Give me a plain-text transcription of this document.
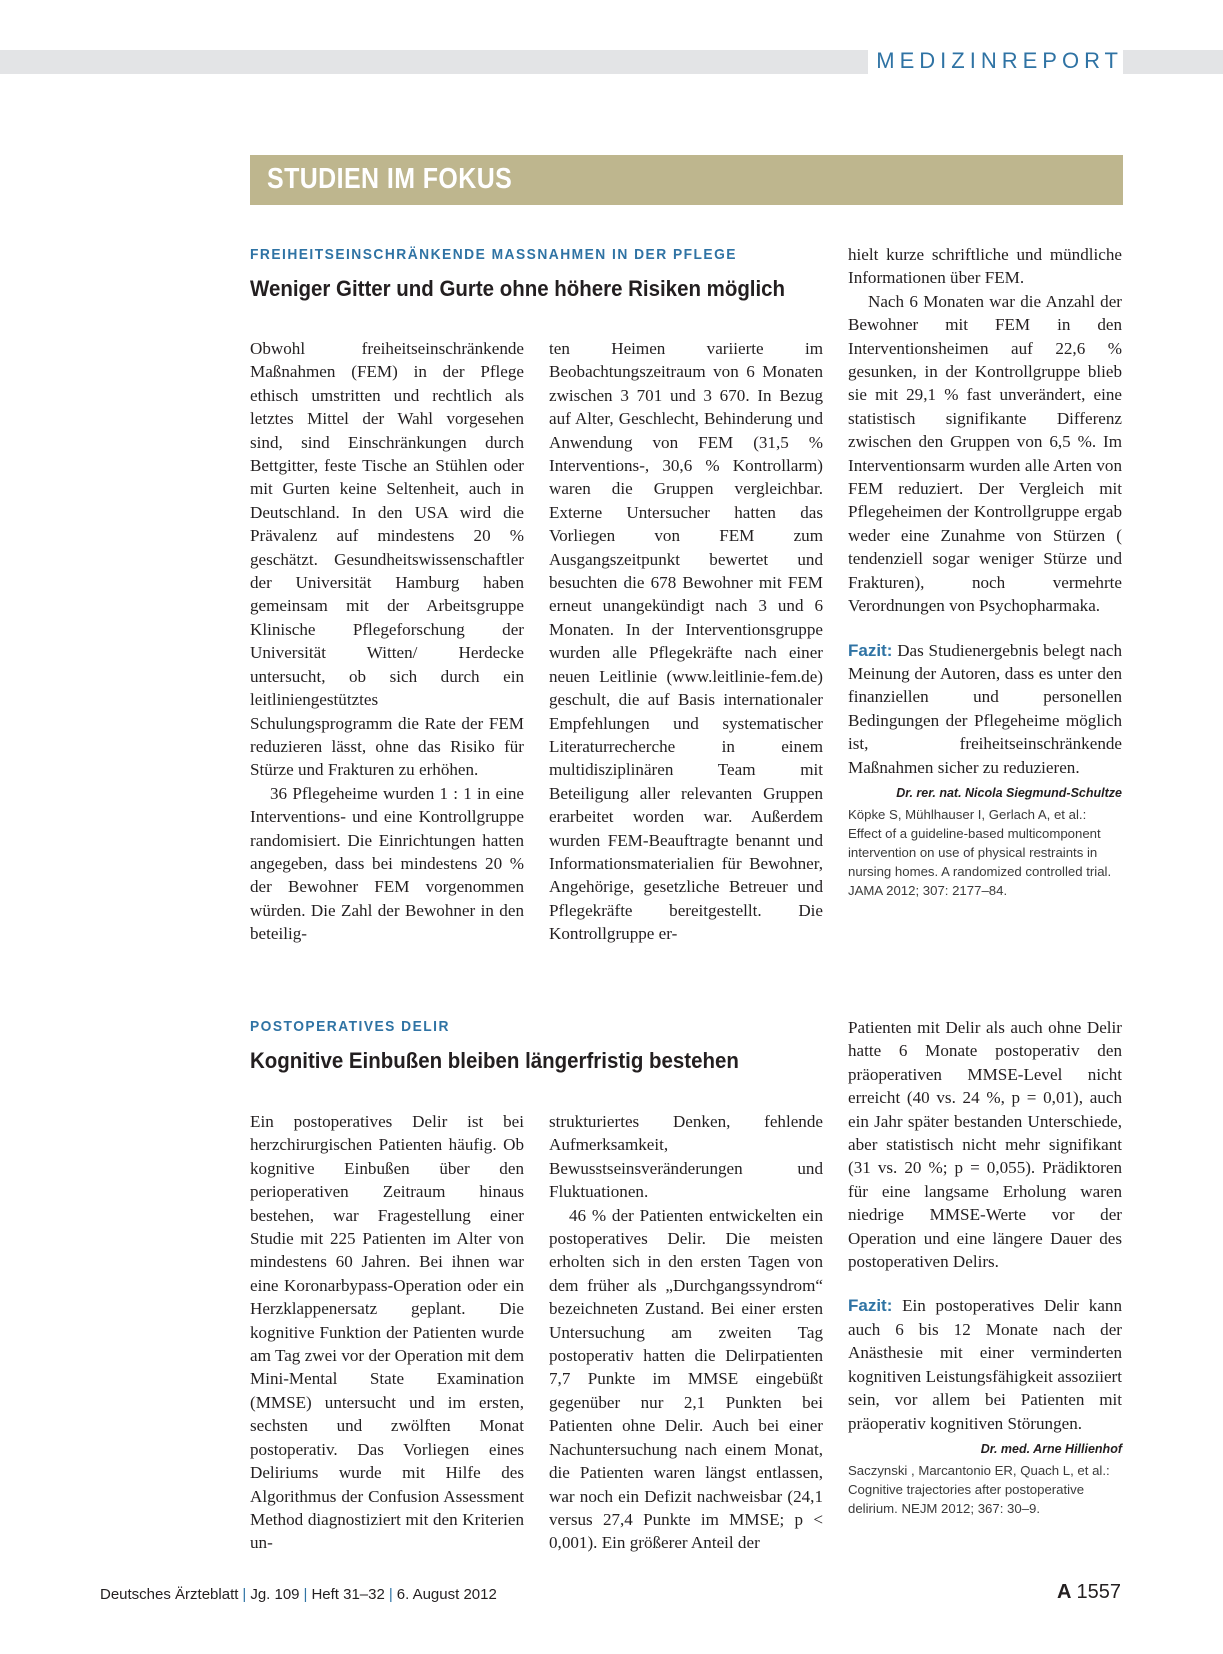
MEDIZINREPORT
STUDIEN IM FOKUS
FREIHEITSEINSCHRÄNKENDE MASSNAHMEN IN DER PFLEGE
Weniger Gitter und Gurte ohne höhere Risiken möglich

Obwohl freiheitseinschränkende Maßnahmen (FEM) in der Pflege ethisch umstritten und rechtlich als letztes Mittel der Wahl vorgesehen sind, sind Einschränkungen durch Bettgitter, feste Tische an Stühlen oder mit Gurten keine Seltenheit, auch in Deutschland. In den USA wird die Prävalenz auf mindestens 20 % geschätzt. Gesundheitswissenschaftler der Universität Hamburg haben gemeinsam mit der Arbeitsgruppe Klinische Pflegeforschung der Universität Witten/ Herdecke untersucht, ob sich durch ein leitliniengestütztes Schulungsprogramm die Rate der FEM reduzieren lässt, ohne das Risiko für Stürze und Frakturen zu erhöhen.

36 Pflegeheime wurden 1 : 1 in eine Interventions- und eine Kontrollgruppe randomisiert. Die Einrichtungen hatten angegeben, dass bei mindestens 20 % der Bewohner FEM vorgenommen würden. Die Zahl der Bewohner in den beteilig-

ten Heimen variierte im Beobachtungszeitraum von 6 Monaten zwischen 3 701 und 3 670. In Bezug auf Alter, Geschlecht, Behinderung und Anwendung von FEM (31,5 % Interventions-, 30,6 % Kontrollarm) waren die Gruppen vergleichbar. Externe Untersucher hatten das Vorliegen von FEM zum Ausgangszeitpunkt bewertet und besuchten die 678 Bewohner mit FEM erneut unangekündigt nach 3 und 6 Monaten. In der Interventionsgruppe wurden alle Pflegekräfte nach einer neuen Leitlinie (www.leitlinie-fem.de) geschult, die auf Basis internationaler Empfehlungen und systematischer Literaturrecherche in einem multidisziplinären Team mit Beteiligung aller relevanten Gruppen erarbeitet worden war. Außerdem wurden FEM-Beauftragte benannt und Informationsmaterialien für Bewohner, Angehörige, gesetzliche Betreuer und Pflegekräfte bereitgestellt. Die Kontrollgruppe er-

hielt kurze schriftliche und mündliche Informationen über FEM.

Nach 6 Monaten war die Anzahl der Bewohner mit FEM in den Interventionsheimen auf 22,6 % gesunken, in der Kontrollgruppe blieb sie mit 29,1 % fast unverändert, eine statistisch signifikante Differenz zwischen den Gruppen von 6,5 %. Im Interventionsarm wurden alle Arten von FEM reduziert. Der Vergleich mit Pflegeheimen der Kontrollgruppe ergab weder eine Zunahme von Stürzen ( tendenziell sogar weniger Stürze und Frakturen), noch vermehrte Verordnungen von Psychopharmaka.

Fazit: Das Studienergebnis belegt nach Meinung der Autoren, dass es unter den finanziellen und personellen Bedingungen der Pflegeheime möglich ist, freiheitseinschränkende Maßnahmen sicher zu reduzieren.
Dr. rer. nat. Nicola Siegmund-Schultze

Köpke S, Mühlhauser I, Gerlach A, et al.: Effect of a guideline-based multicomponent intervention on use of physical restraints in nursing homes. A randomized controlled trial. JAMA 2012; 307: 2177–84.

POSTOPERATIVES DELIR
Kognitive Einbußen bleiben längerfristig bestehen

Ein postoperatives Delir ist bei herzchirurgischen Patienten häufig. Ob kognitive Einbußen über den perioperativen Zeitraum hinaus bestehen, war Fragestellung einer Studie mit 225 Patienten im Alter von mindestens 60 Jahren. Bei ihnen war eine Koronarbypass-Operation oder ein Herzklappenersatz geplant. Die kognitive Funktion der Patienten wurde am Tag zwei vor der Operation mit dem Mini-Mental State Examination (MMSE) untersucht und im ersten, sechsten und zwölften Monat postoperativ. Das Vorliegen eines Deliriums wurde mit Hilfe des Algorithmus der Confusion Assessment Method diagnostiziert mit den Kriterien un-

strukturiertes Denken, fehlende Aufmerksamkeit, Bewusstseinsveränderungen und Fluktuationen.

46 % der Patienten entwickelten ein postoperatives Delir. Die meisten erholten sich in den ersten Tagen von dem früher als „Durchgangssyndrom“ bezeichneten Zustand. Bei einer ersten Untersuchung am zweiten Tag postoperativ hatten die Delirpatienten 7,7 Punkte im MMSE eingebüßt gegenüber nur 2,1 Punkten bei Patienten ohne Delir. Auch bei einer Nachuntersuchung nach einem Monat, die Patienten waren längst entlassen, war noch ein Defizit nachweisbar (24,1 versus 27,4 Punkte im MMSE; p < 0,001). Ein größerer Anteil der

Patienten mit Delir als auch ohne Delir hatte 6 Monate postoperativ den präoperativen MMSE-Level nicht erreicht (40 vs. 24 %, p = 0,01), auch ein Jahr später bestanden Unterschiede, aber statistisch nicht mehr signifikant (31 vs. 20 %; p = 0,055). Prädiktoren für eine langsame Erholung waren niedrige MMSE-Werte vor der Operation und eine längere Dauer des postoperativen Delirs.

Fazit: Ein postoperatives Delir kann auch 6 bis 12 Monate nach der Anästhesie mit einer verminderten kognitiven Leistungsfähigkeit assoziiert sein, vor allem bei Patienten mit präoperativ kognitiven Störungen.
Dr. med. Arne Hillienhof

Saczynski , Marcantonio ER, Quach L, et al.: Cognitive trajectories after postoperative delirium. NEJM 2012; 367: 30–9.

Deutsches Ärzteblatt | Jg. 109 | Heft 31–32 | 6. August 2012	A 1557
